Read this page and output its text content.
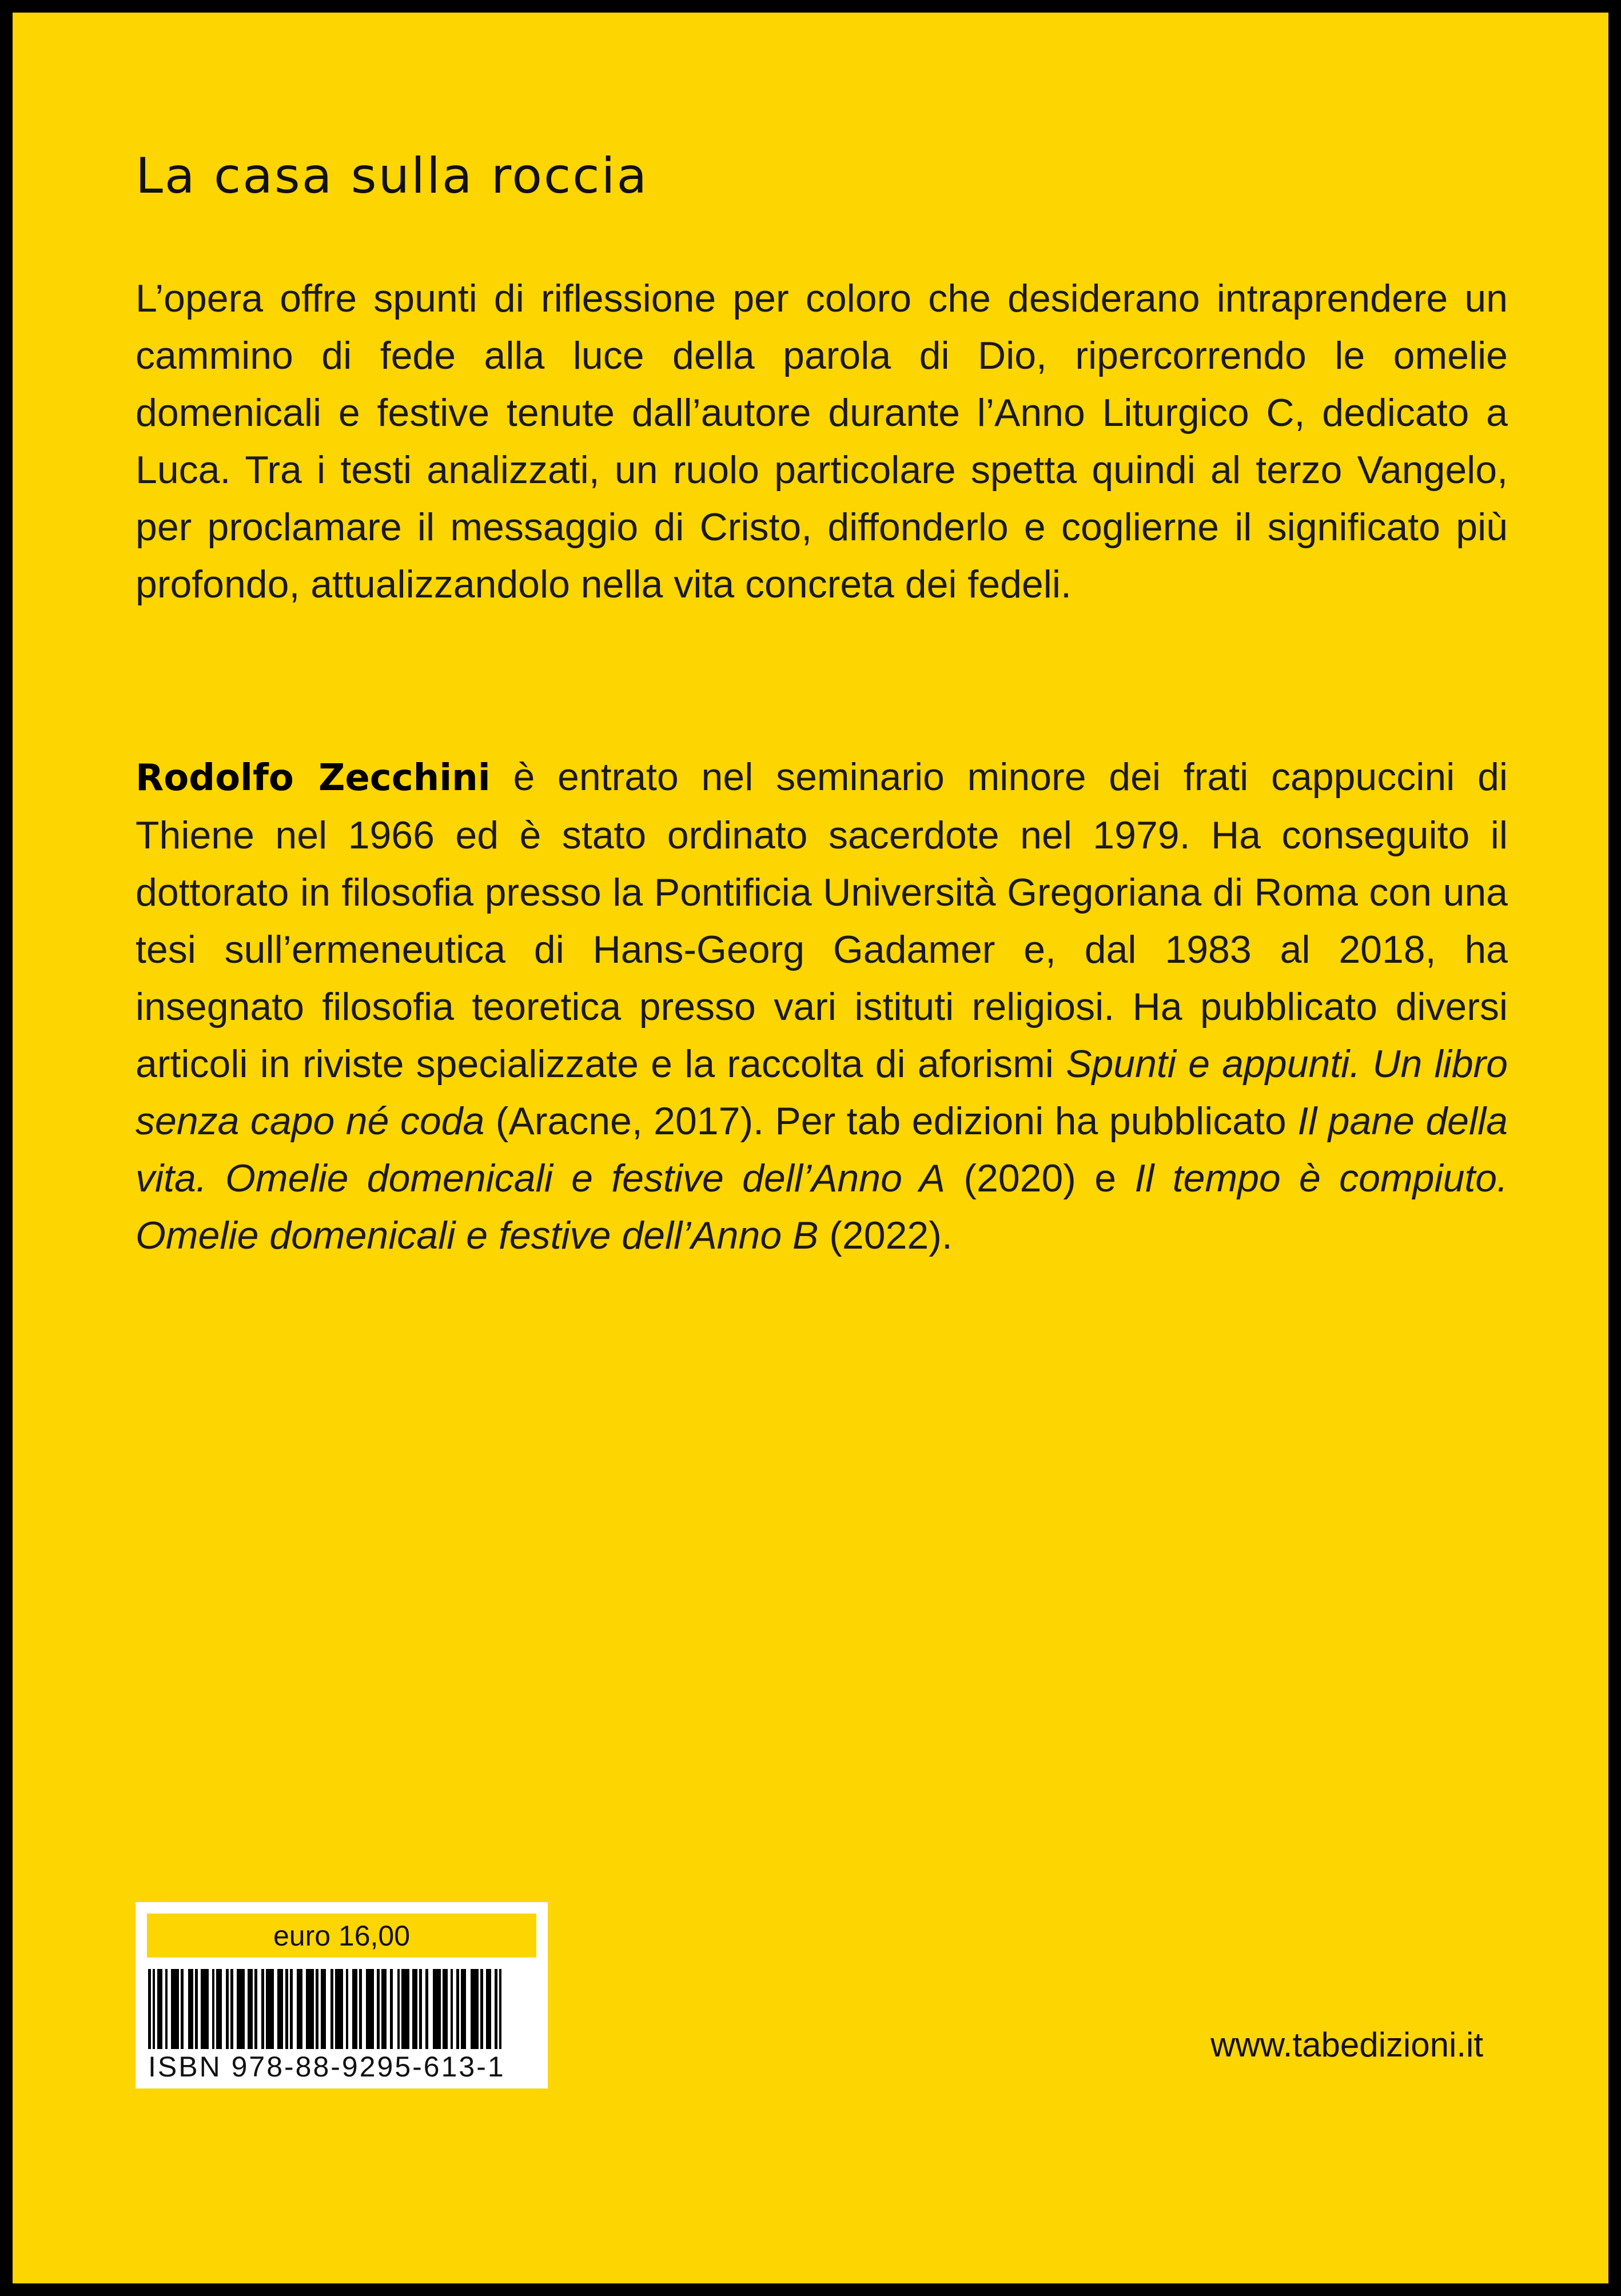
La casa sulla roccia

L’opera offre spunti di riflessione per coloro che desiderano intraprendere un cammino di fede alla luce della parola di Dio, ripercorrendo le omelie domenicali e festive tenute dall’autore durante l’Anno Liturgico C, dedicato a Luca. Tra i testi analizzati, un ruolo particolare spetta quindi al terzo Vangelo, per proclamare il messaggio di Cristo, diffonderlo e coglierne il significato più profondo, attualizzandolo nella vita concreta dei fedeli.

Rodolfo Zecchini è entrato nel seminario minore dei frati cappuccini di Thiene nel 1966 ed è stato ordinato sacerdote nel 1979. Ha conseguito il dottorato in filosofia presso la Pontificia Università Gregoriana di Roma con una tesi sull’ermeneutica di Hans-Georg Gadamer e, dal 1983 al 2018, ha insegnato filosofia teoretica presso vari istituti religiosi. Ha pubblicato diversi articoli in riviste specializzate e la raccolta di aforismi Spunti e appunti. Un libro senza capo né coda (Aracne, 2017). Per tab edizioni ha pubblicato Il pane della vita. Omelie domenicali e festive dell’Anno A (2020) e Il tempo è compiuto. Omelie domenicali e festive dell’Anno B (2022).

euro 16,00
ISBN 978-88-9295-613-1
www.tabedizioni.it
